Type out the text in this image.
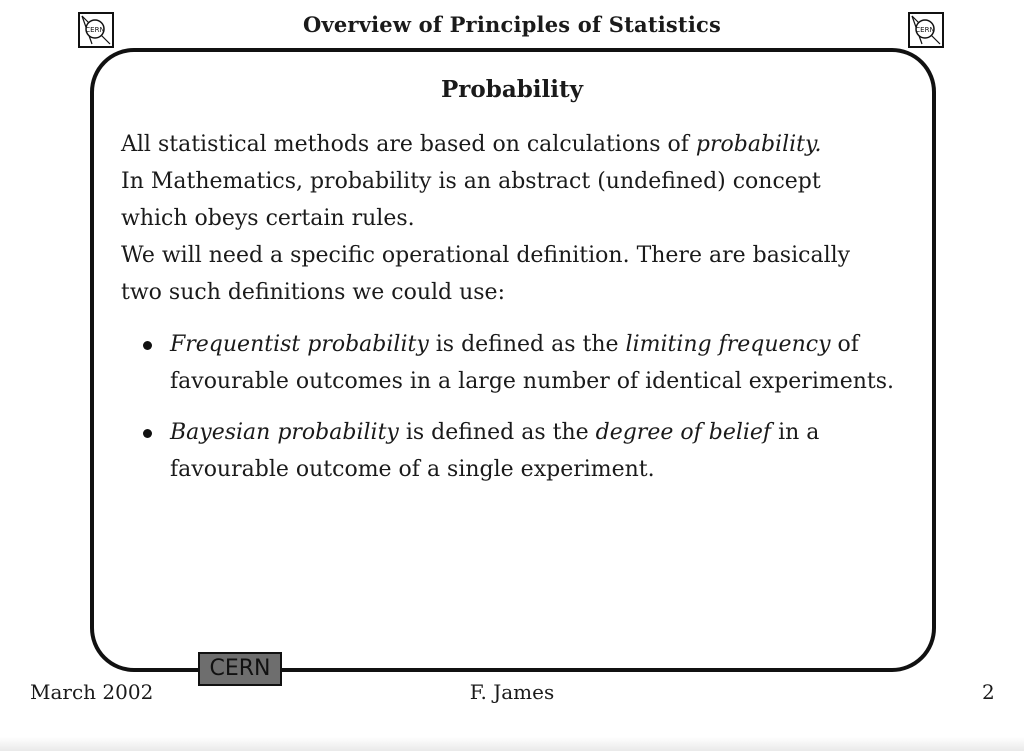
CERN	Overview of Principles of Statistics	CERN
Probability

All statistical methods are based on calculations of probability.

In Mathematics, probability is an abstract (undefined) concept
which obeys certain rules.

We will need a specific operational definition. There are basically
two such definitions we could use:

Frequentist probability is defined as the limiting frequency of
favourable outcomes in a large number of identical experiments.
Bayesian probability is defined as the degree of belief in a
favourable outcome of a single experiment.
CERN
March 2002	F. James	2
